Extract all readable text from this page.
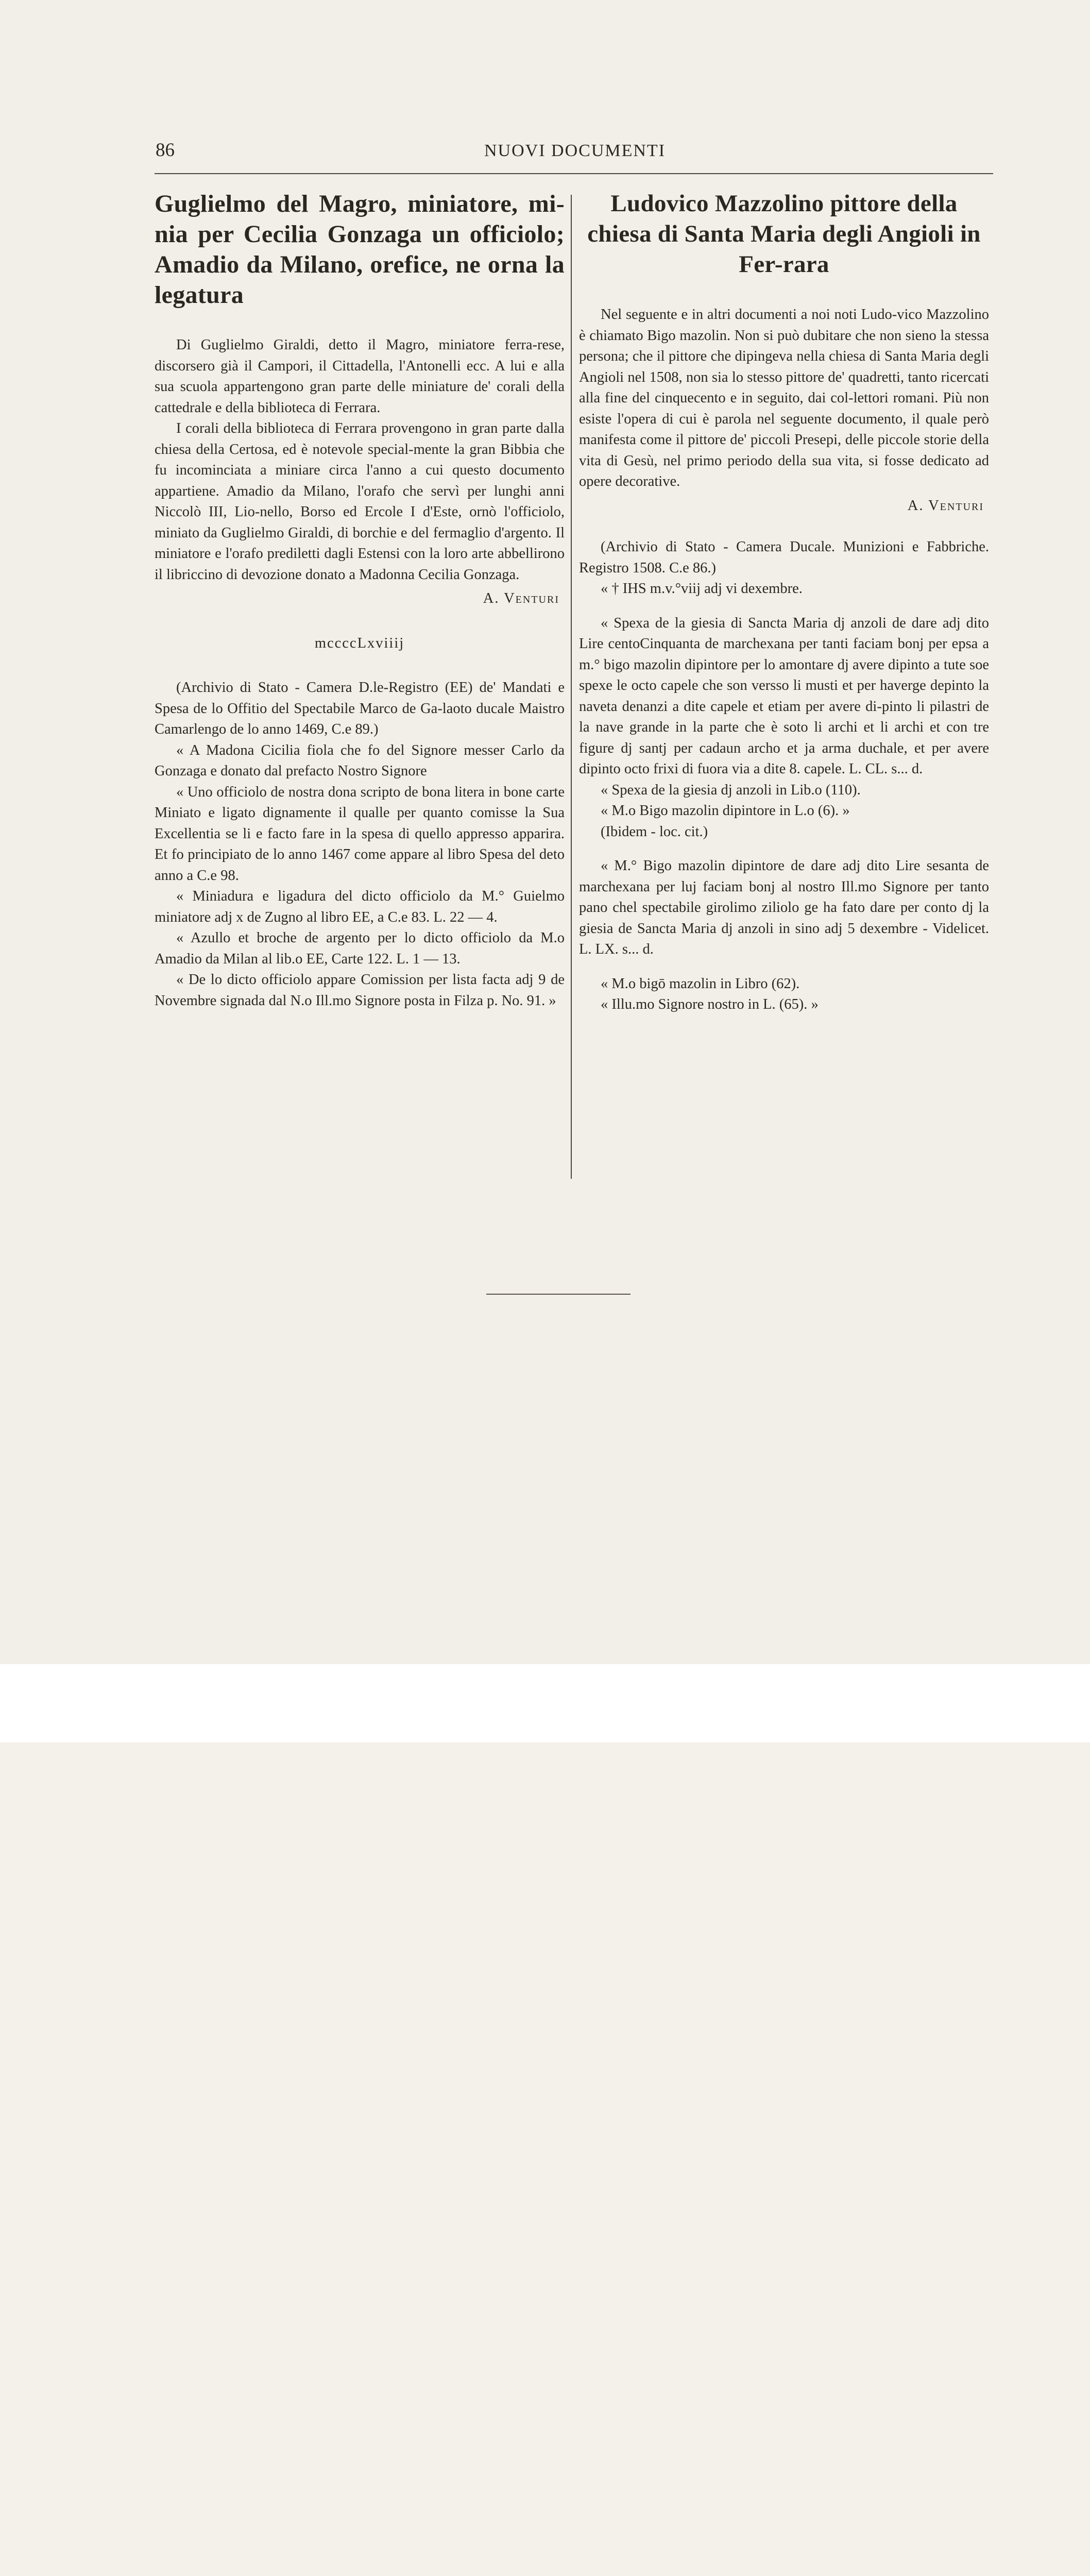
86	NUOVI DOCUMENTI
Guglielmo del Magro, miniatore, mi-nia per Cecilia Gonzaga un officiolo; Amadio da Milano, orefice, ne orna la legatura

Di Guglielmo Giraldi, detto il Magro, miniatore ferra-rese, discorsero già il Campori, il Cittadella, l'Antonelli ecc. A lui e alla sua scuola appartengono gran parte delle miniature de' corali della cattedrale e della biblioteca di Ferrara.

I corali della biblioteca di Ferrara provengono in gran parte dalla chiesa della Certosa, ed è notevole special-mente la gran Bibbia che fu incominciata a miniare circa l'anno a cui questo documento appartiene. Amadio da Milano, l'orafo che servì per lunghi anni Niccolò III, Lio-nello, Borso ed Ercole I d'Este, ornò l'officiolo, miniato da Guglielmo Giraldi, di borchie e del fermaglio d'argento. Il miniatore e l'orafo prediletti dagli Estensi con la loro arte abbellirono il libriccino di devozione donato a Madonna Cecilia Gonzaga.

A. Venturi
mccccLxviiij

(Archivio di Stato - Camera D.le-Registro (EE) de' Mandati e Spesa de lo Offitio del Spectabile Marco de Ga-laoto ducale Maistro Camarlengo de lo anno 1469, C.e 89.)

« A Madona Cicilia fiola che fo del Signore messer Carlo da Gonzaga e donato dal prefacto Nostro Signore

« Uno officiolo de nostra dona scripto de bona litera in bone carte Miniato e ligato dignamente il qualle per quanto comisse la Sua Excellentia se li e facto fare in la spesa di quello appresso apparira. Et fo principiato de lo anno 1467 come appare al libro Spesa del deto anno a C.e 98.

« Miniadura e ligadura del dicto officiolo da M.° Guielmo miniatore adj x de Zugno al libro EE, a C.e 83. L. 22 — 4.

« Azullo et broche de argento per lo dicto officiolo da M.o Amadio da Milan al lib.o EE, Carte 122. L. 1 — 13.

« De lo dicto officiolo appare Comission per lista facta adj 9 de Novembre signada dal N.o Ill.mo Signore posta in Filza p. No. 91. »

Ludovico Mazzolino pittore della chiesa di Santa Maria degli Angioli in Fer-rara

Nel seguente e in altri documenti a noi noti Ludo-vico Mazzolino è chiamato Bigo mazolin. Non si può dubitare che non sieno la stessa persona; che il pittore che dipingeva nella chiesa di Santa Maria degli Angioli nel 1508, non sia lo stesso pittore de' quadretti, tanto ricercati alla fine del cinquecento e in seguito, dai col-lettori romani. Più non esiste l'opera di cui è parola nel seguente documento, il quale però manifesta come il pittore de' piccoli Presepi, delle piccole storie della vita di Gesù, nel primo periodo della sua vita, si fosse dedicato ad opere decorative.

A. Venturi

(Archivio di Stato - Camera Ducale. Munizioni e Fabbriche. Registro 1508. C.e 86.)

« † IHS m.v.°viij adj vi dexembre.

« Spexa de la giesia di Sancta Maria dj anzoli de dare adj dito Lire centoCinquanta de marchexana per tanti faciam bonj per epsa a m.° bigo mazolin dipintore per lo amontare dj avere dipinto a tute soe spexe le octo capele che son versso li musti et per haverge depinto la naveta denanzi a dite capele et etiam per avere di-pinto li pilastri de la nave grande in la parte che è soto li archi et li archi et con tre figure dj santj per cadaun archo et ja arma duchale, et per avere dipinto octo frixi di fuora via a dite 8. capele. L. CL. s... d.

« Spexa de la giesia dj anzoli in Lib.o (110).

« M.o Bigo mazolin dipintore in L.o (6). »

(Ibidem - loc. cit.)

« M.° Bigo mazolin dipintore de dare adj dito Lire sesanta de marchexana per luj faciam bonj al nostro Ill.mo Signore per tanto pano chel spectabile girolimo ziliolo ge ha fato dare per conto dj la giesia de Sancta Maria dj anzoli in sino adj 5 dexembre - Videlicet. L. LX. s... d.

« M.o bigō mazolin in Libro (62).

« Illu.mo Signore nostro in L. (65). »
